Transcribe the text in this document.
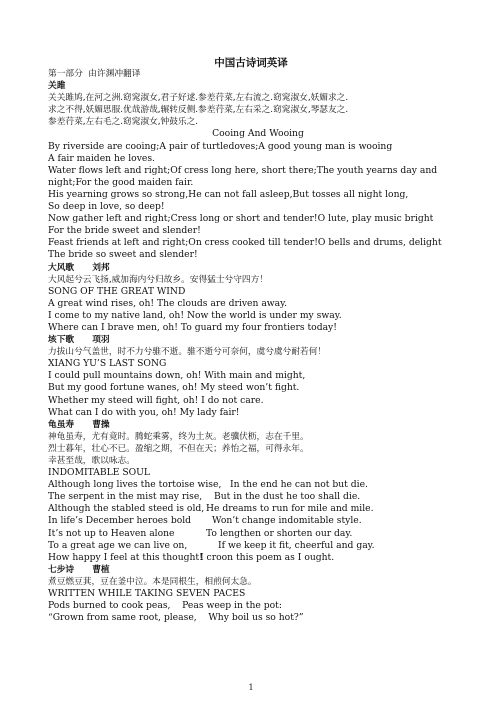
中国古诗词英译
第一部分  由许渊冲翻译
关雎
关关雎鸠,在河之洲.窈窕淑女,君子好逑.参差荇菜,左右流之.窈窕淑女,妖媚求之.
求之不得,妖媚思服.优哉游哉,辗转反侧.参差荇菜,左右采之.窈窕淑女,琴瑟友之.
参差荇菜,左右毛之.窈窕淑女,钟鼓乐之.
Cooing And Wooing
By riverside are cooing;A pair of turtledoves;A good young man is wooing
A fair maiden he loves.
Water flows left and right;Of cress long here, short there;The youth yearns day and night;For the good maiden fair.
His yearning grows so strong,He can not fall asleep,But tosses all night long,
So deep in love, so deep!
Now gather left and right;Cress long or short and tender!O lute, play music bright
For the bride sweet and slender!
Feast friends at left and right;On cress cooked till tender!O bells and drums, delight
The bride so sweet and slender!
大风歌      刘邦
大风起兮云飞扬,威加海内兮归故乡。安得猛士兮守四方！
SONG OF THE GREAT WIND
A great wind rises, oh! The clouds are driven away.
I come to my native land, oh! Now the world is under my sway.
Where can I brave men, oh! To guard my four frontiers today!
垓下歌      项羽
力拔山兮气盖世，时不力兮骓不逝。骓不逝兮可奈何，虞兮虞兮耐若何！
XIANG YU’S LAST SONG
I could pull mountains down, oh! With main and might,
But my good fortune wanes, oh! My steed won’t fight.
Whether my steed will fight, oh! I do not care.
What can I do with you, oh! My lady fair!
龟虽寿      曹操
神龟虽寿，尤有竟时。腾蛇乘雾，终为土灰。老骥伏枥，志在千里。
烈士暮年，壮心不已。盈缩之期，不但在天；养怡之福，可得永年。
幸甚至哉，歌以咏志。
INDOMITABLE SOUL
Although long lives the tortoise wise, In the end he can not but die.
The serpent in the mist may rise,	But in the dust he too shall die.
Although the stabled steed is old, He dreams to run for mile and mile.
In life’s December heroes bold	Won’t change indomitable style.
It’s not up to Heaven alone	To lengthen or shorten our day.
To a great age we can live on,	If we keep it fit, cheerful and gay.
How happy I feel at this thought!
I croon this poem as I ought.
七步诗      曹植
煮豆燃豆萁，豆在釜中泣。本是同根生，相煎何太急。
WRITTEN WHILE TAKING SEVEN PACES
Pods burned to cook peas,    Peas weep in the pot:
“Grown from same root, please,    Why boil us so hot?”
1
